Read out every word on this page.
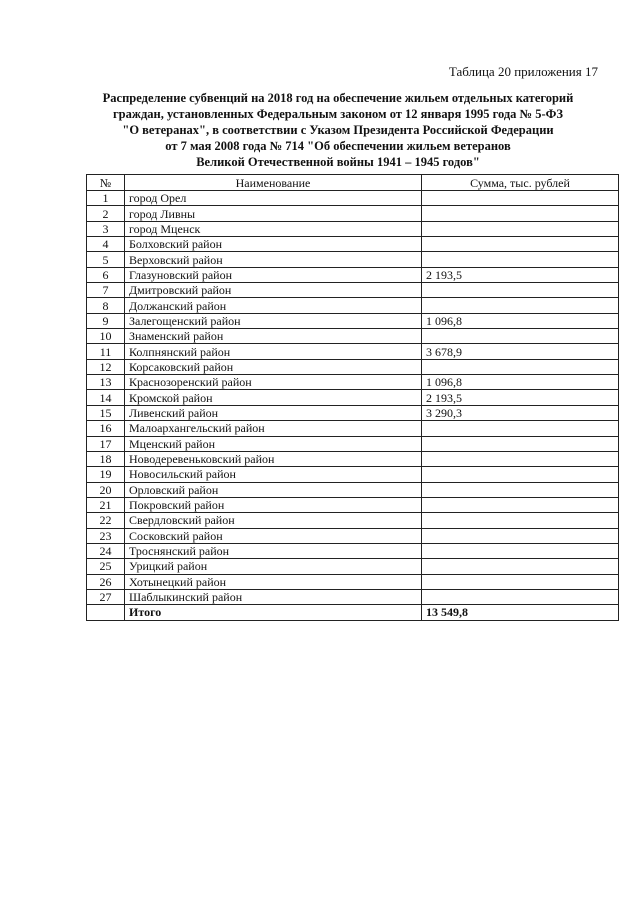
Таблица 20 приложения 17
Распределение субвенций на 2018 год на обеспечение жильем отдельных категорий
граждан, установленных Федеральным законом от 12 января 1995 года № 5-ФЗ
"О ветеранах", в соответствии с Указом Президента Российской Федерации
от 7 мая 2008 года № 714 "Об обеспечении жильем ветеранов
Великой Отечественной войны 1941 – 1945 годов"
№	Наименование	Сумма, тыс. рублей
1	город Орел	
2	город Ливны	
3	город Мценск	
4	Болховский район	
5	Верховский район	
6	Глазуновский район	2 193,5
7	Дмитровский район	
8	Должанский район	
9	Залегощенский район	1 096,8
10	Знаменский район	
11	Колпнянский район	3 678,9
12	Корсаковский район	
13	Краснозоренский район	1 096,8
14	Кромской район	2 193,5
15	Ливенский район	3 290,3
16	Малоархангельский район	
17	Мценский район	
18	Новодеревеньковский район	
19	Новосильский район	
20	Орловский район	
21	Покровский район	
22	Свердловский район	
23	Сосковский район	
24	Троснянский район	
25	Урицкий район	
26	Хотынецкий район	
27	Шаблыкинский район	
	Итого	13 549,8
